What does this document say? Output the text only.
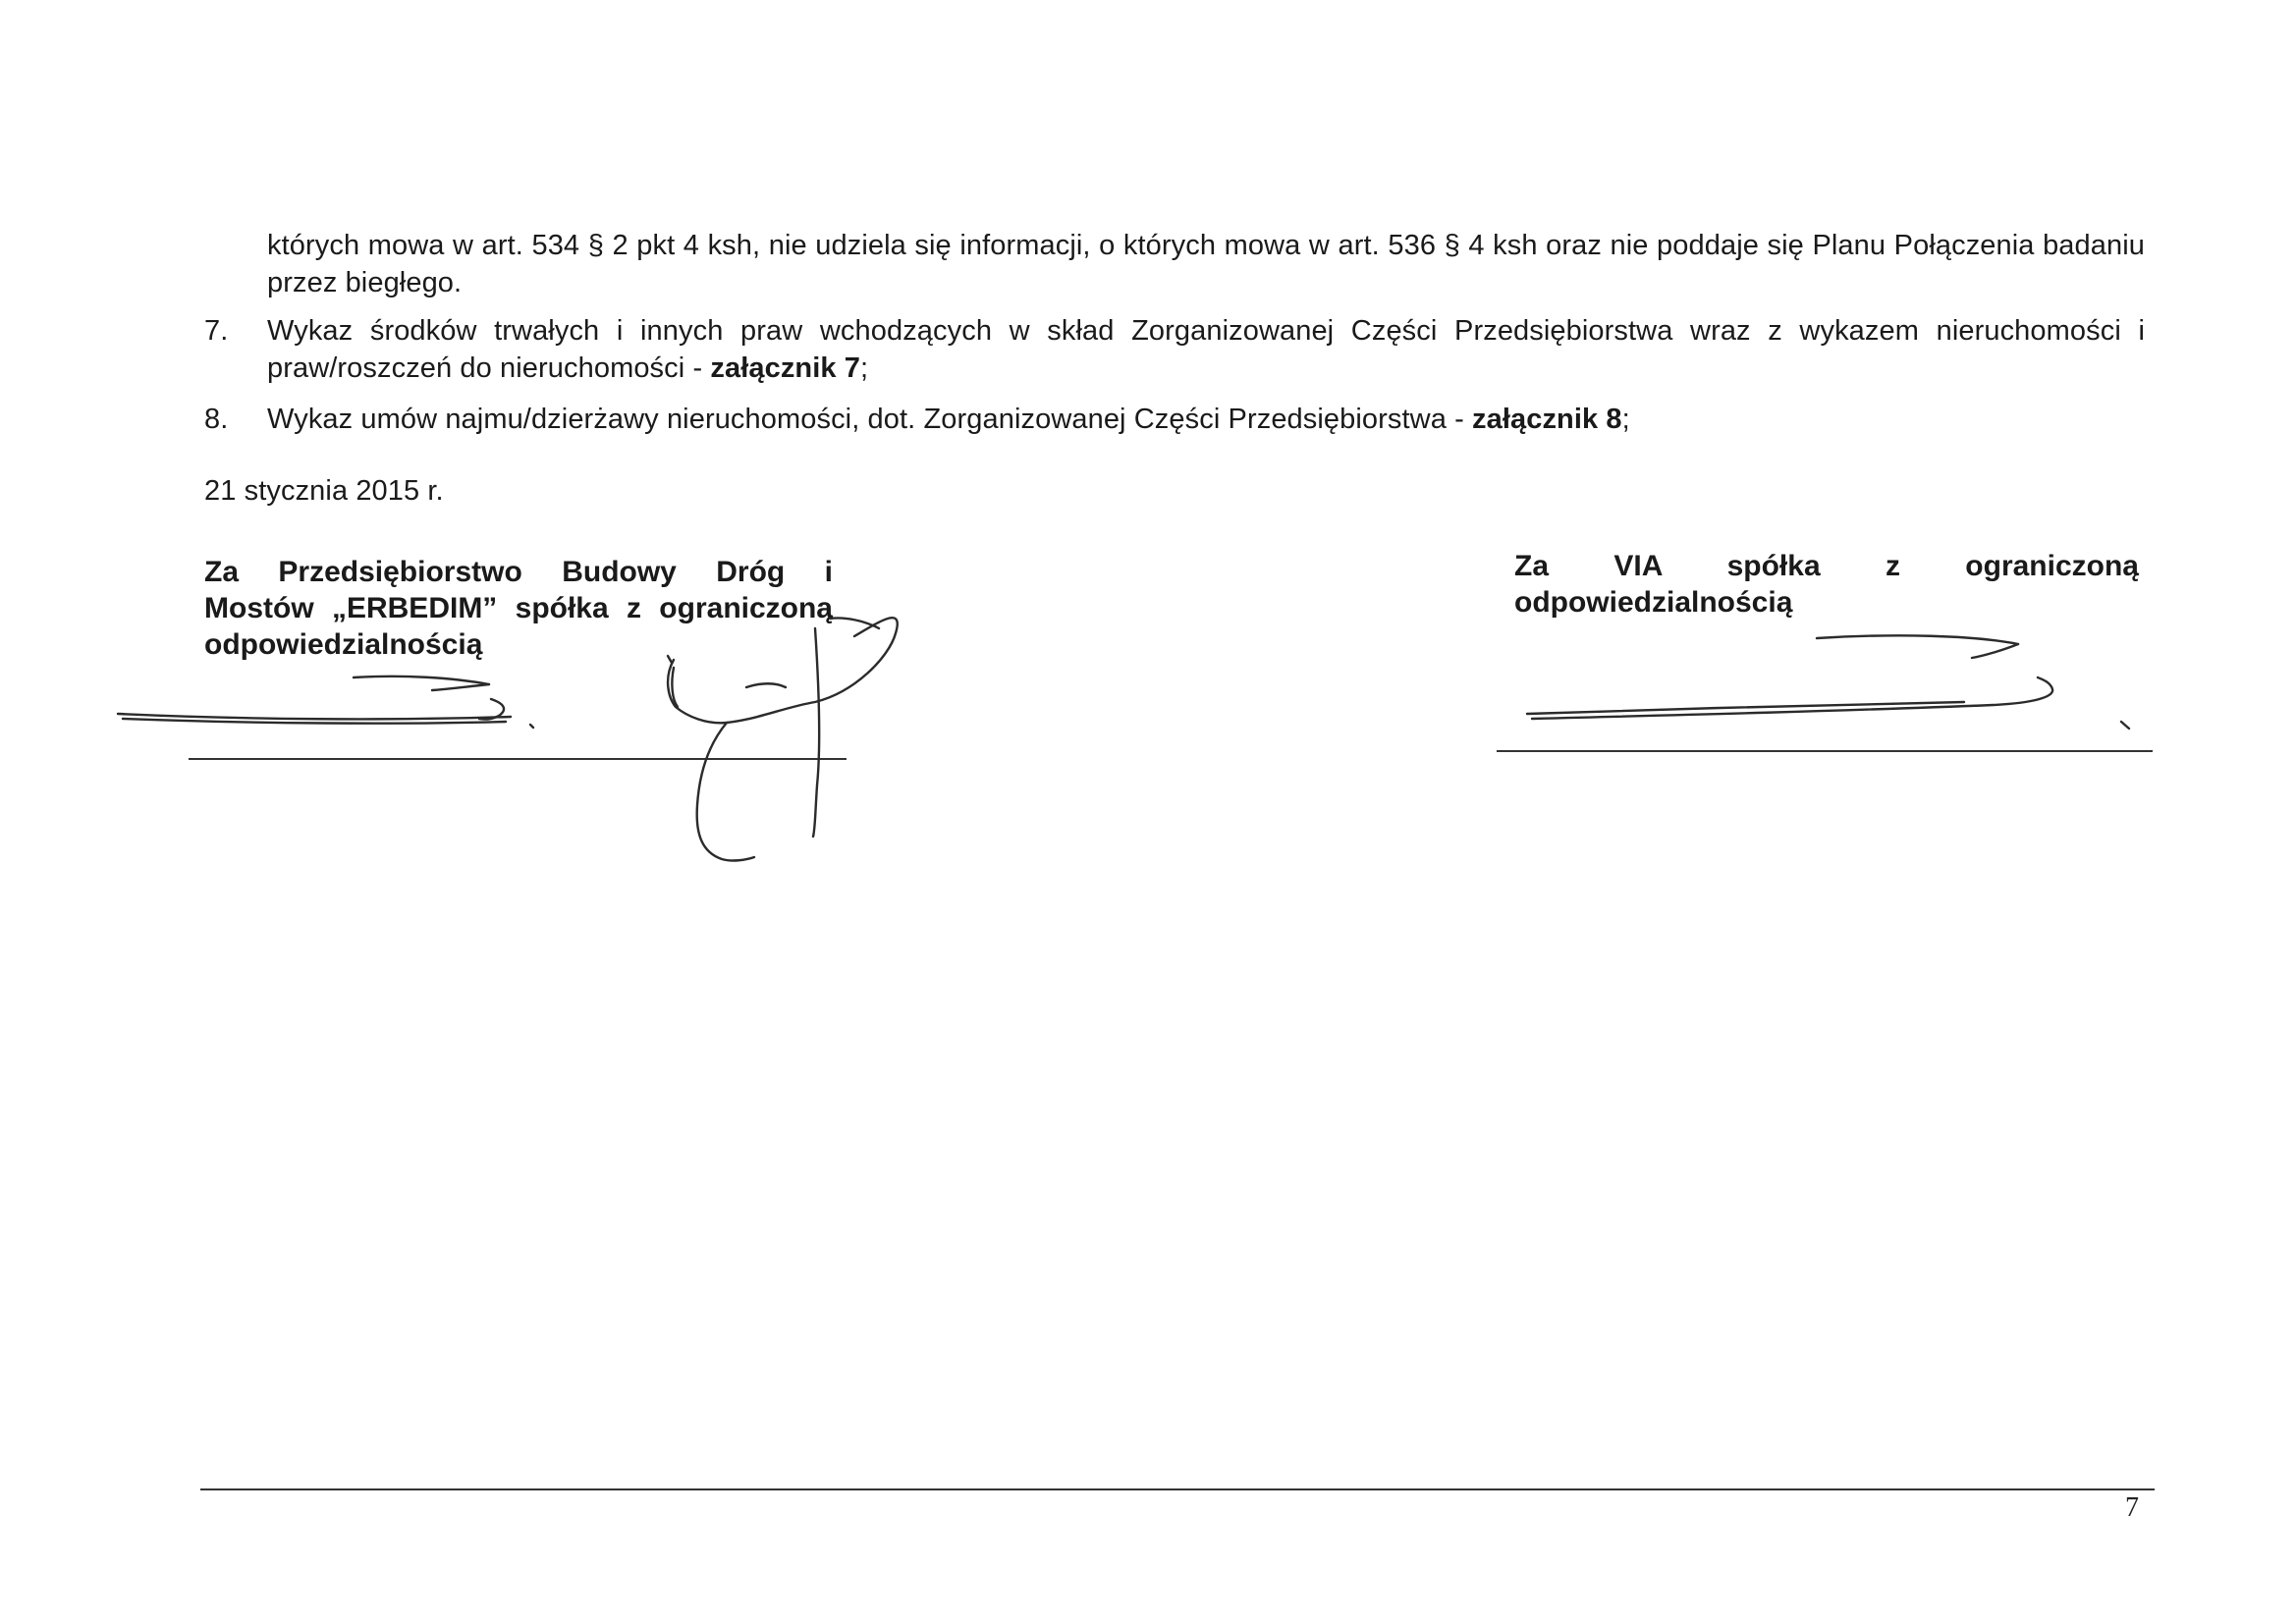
których mowa w art. 534 § 2 pkt 4 ksh, nie udziela się informacji, o których mowa w art. 536 § 4 ksh oraz nie poddaje się Planu Połączenia badaniu przez biegłego.
7.	Wykaz środków trwałych i innych praw wchodzących w skład Zorganizowanej Części Przedsiębiorstwa wraz z wykazem nieruchomości i praw/roszczeń do nieruchomości - załącznik 7;
8.	Wykaz umów najmu/dzierżawy nieruchomości, dot. Zorganizowanej Części Przedsiębiorstwa - załącznik 8;
21 stycznia 2015 r.
Za Przedsiębiorstwo Budowy Dróg i
Mostów „ERBEDIM” spółka z ograniczoną
odpowiedzialnością
Za VIA spółka z ograniczoną
odpowiedzialnością
7
